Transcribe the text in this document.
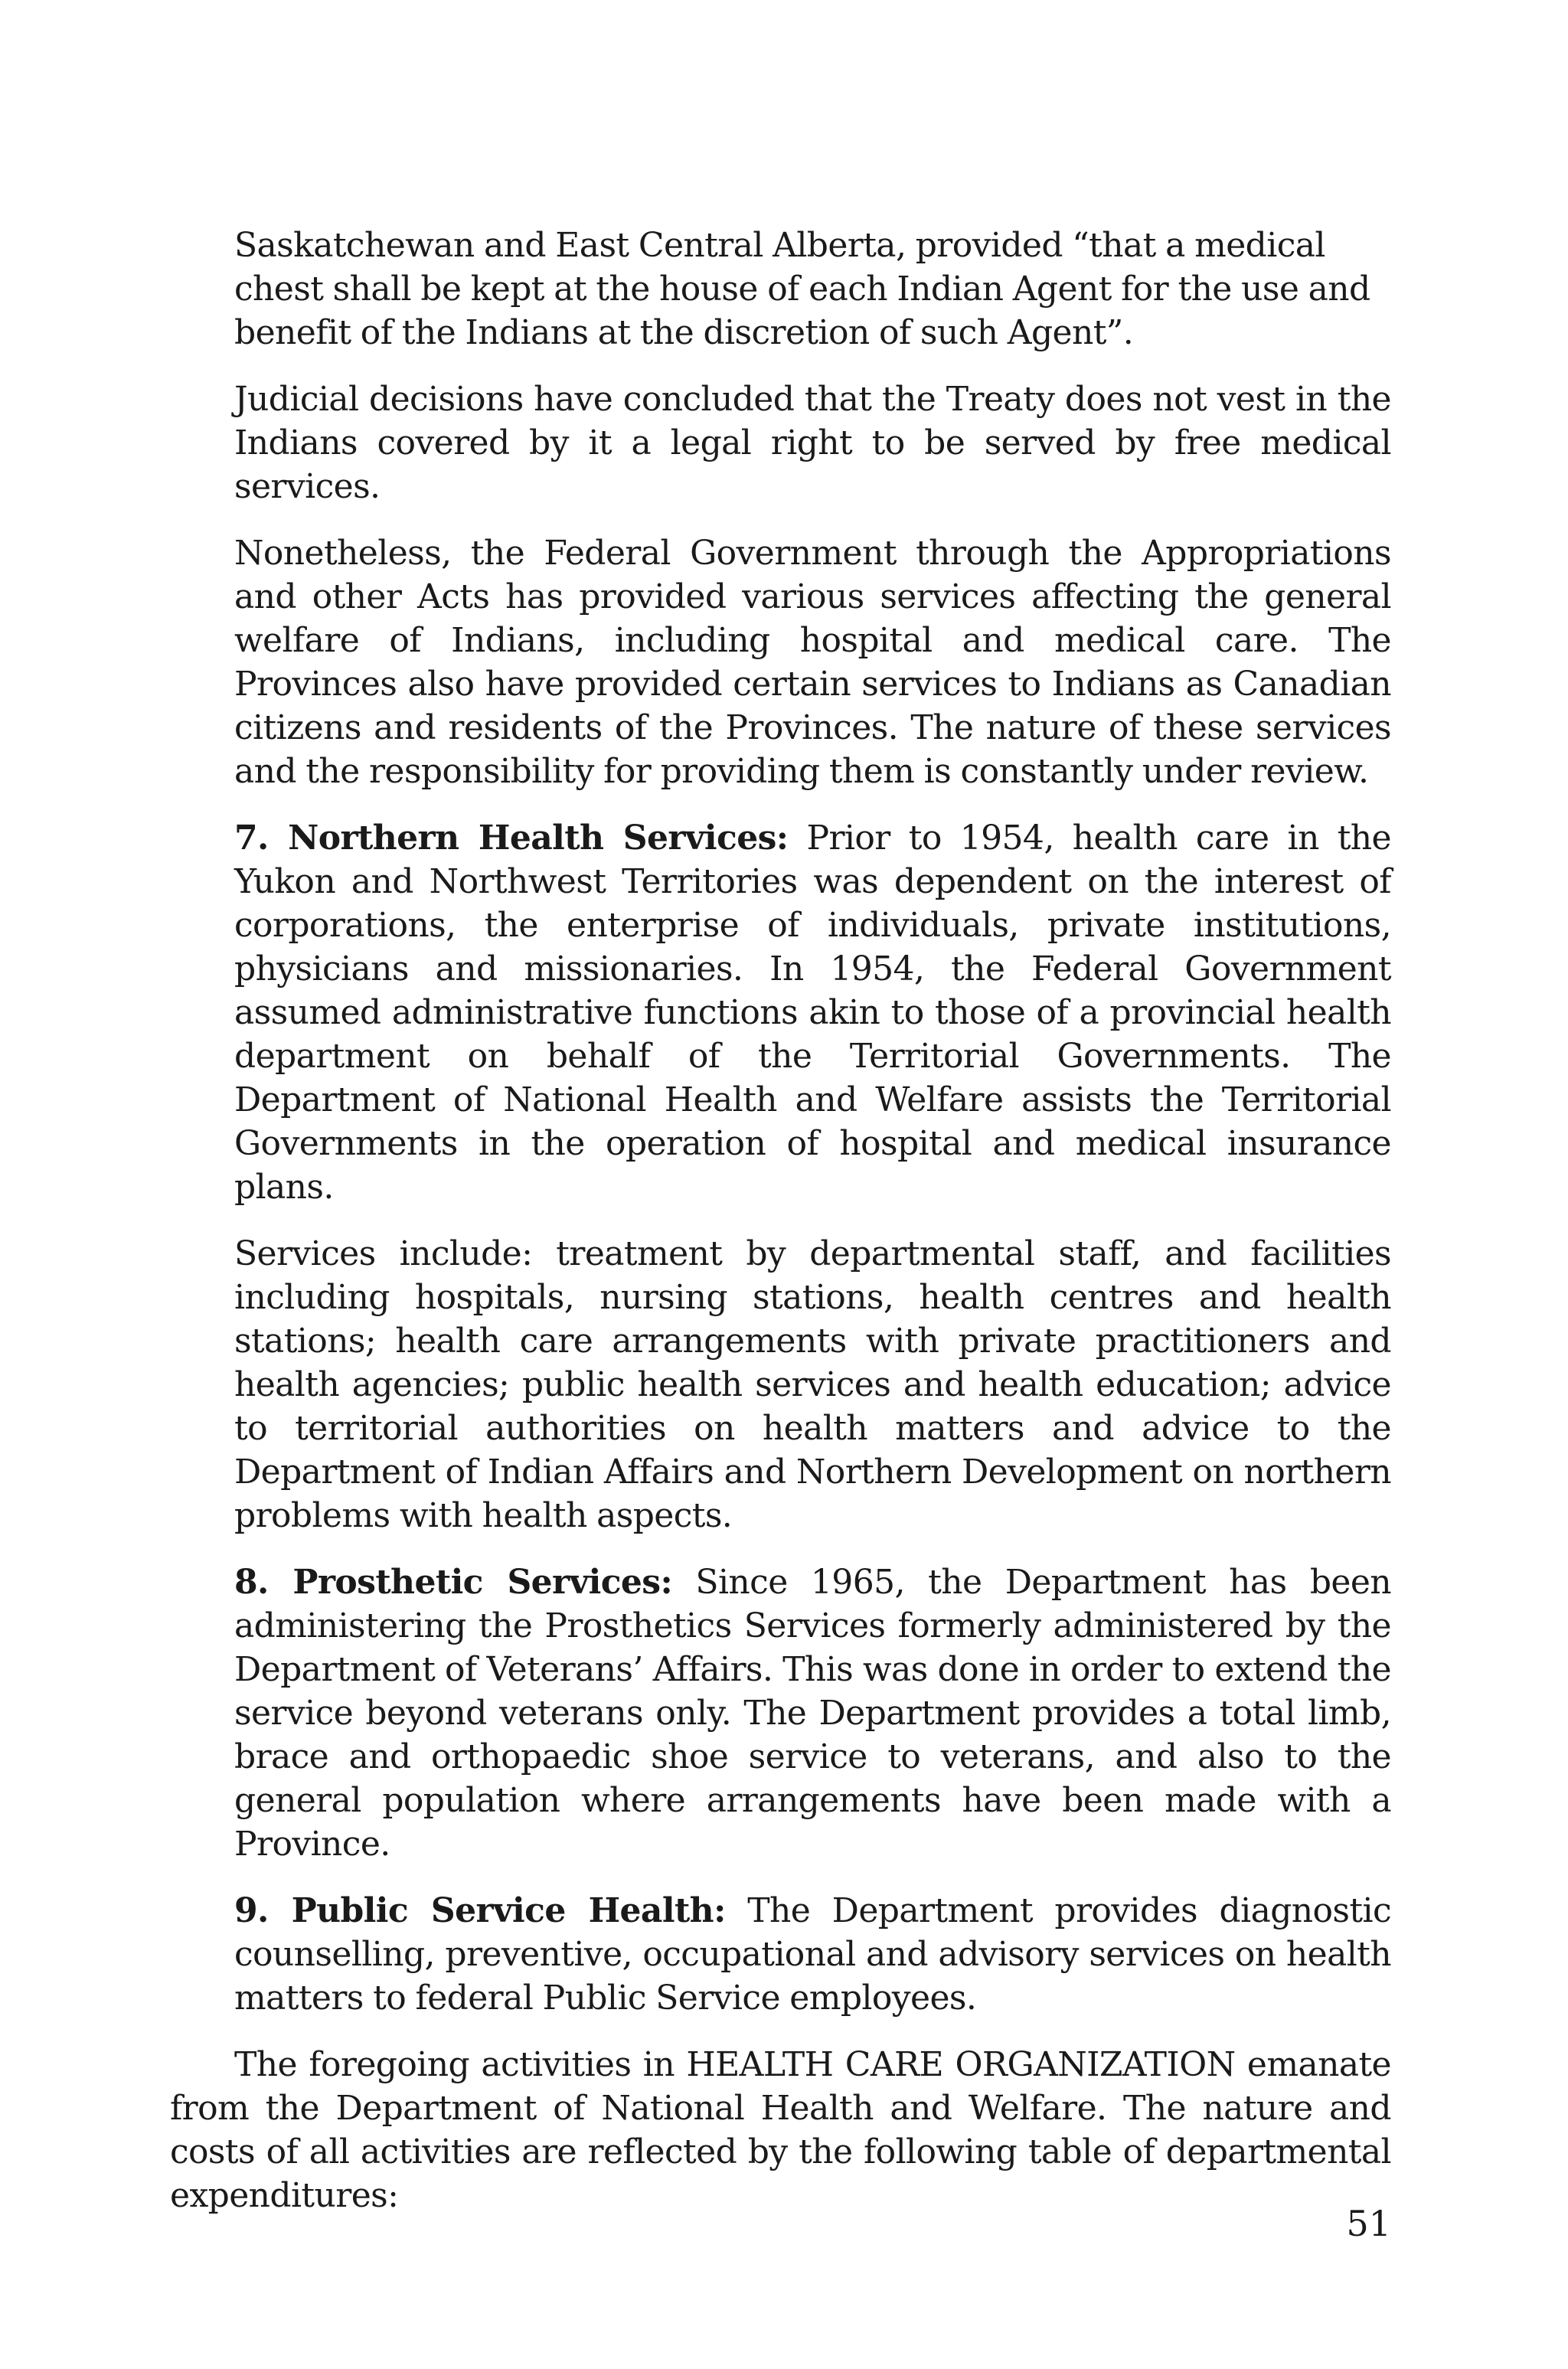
Saskatchewan and East Central Alberta, provided “that a medical chest shall be kept at the house of each Indian Agent for the use and benefit of the Indians at the discretion of such Agent”.

Judicial decisions have concluded that the Treaty does not vest in the Indians covered by it a legal right to be served by free medical services.

Nonetheless, the Federal Government through the Appropriations and other Acts has provided various services affecting the general welfare of Indians, including hospital and medical care. The Provinces also have provided certain services to Indians as Canadian citizens and residents of the Provinces. The nature of these services and the responsibility for providing them is constantly under review.

7. Northern Health Services: Prior to 1954, health care in the Yukon and Northwest Territories was dependent on the interest of corporations, the enterprise of individuals, private institutions, physicians and missionaries. In 1954, the Federal Government assumed administrative functions akin to those of a provincial health department on behalf of the Territorial Governments. The Department of National Health and Welfare assists the Territorial Governments in the operation of hospital and medical insurance plans.

Services include: treatment by departmental staff, and facilities including hospitals, nursing stations, health centres and health stations; health care arrangements with private practitioners and health agencies; public health services and health education; advice to territorial authorities on health matters and advice to the Department of Indian Affairs and Northern Development on northern problems with health aspects.

8. Prosthetic Services: Since 1965, the Department has been administering the Prosthetics Services formerly administered by the Department of Veterans’ Affairs. This was done in order to extend the service beyond veterans only. The Department provides a total limb, brace and orthopaedic shoe service to veterans, and also to the general population where arrangements have been made with a Province.

9. Public Service Health: The Department provides diagnostic counselling, preventive, occupational and advisory services on health matters to federal Public Service employees.

The foregoing activities in HEALTH CARE ORGANIZATION emanate from the Department of National Health and Welfare. The nature and costs of all activities are reflected by the following table of departmental expenditures:

51
